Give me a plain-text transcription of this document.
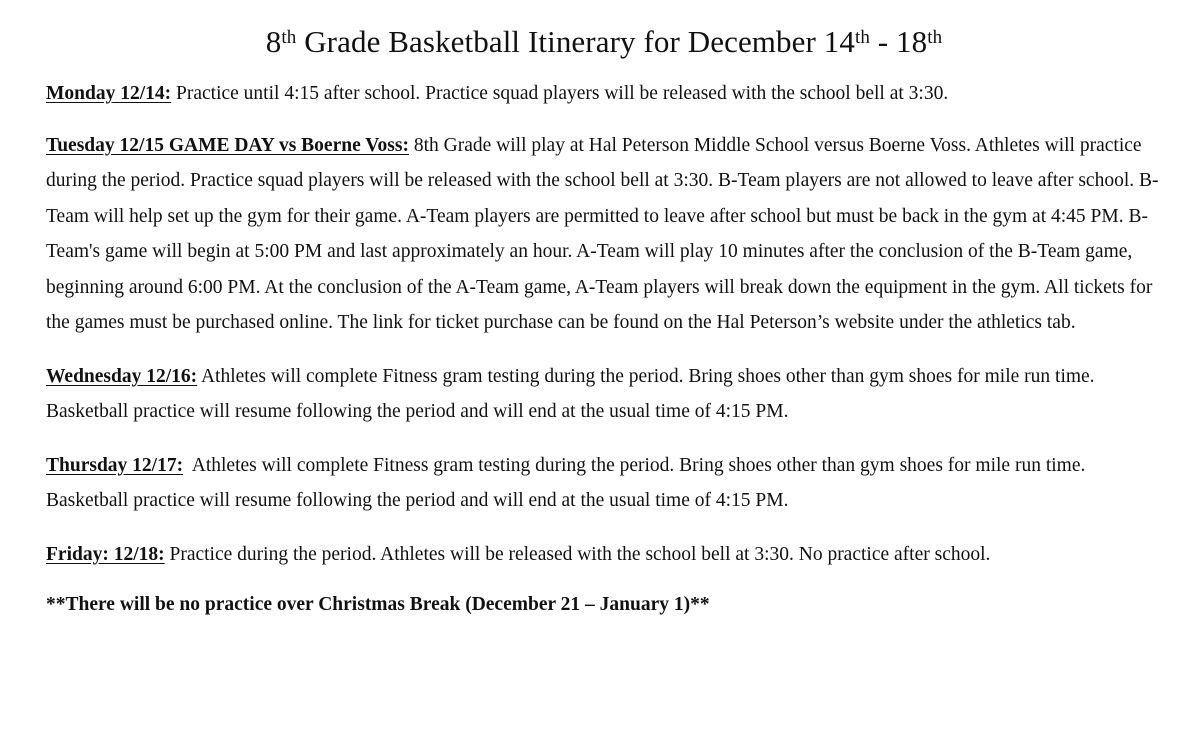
8th Grade Basketball Itinerary for December 14th - 18th

Monday 12/14: Practice until 4:15 after school. Practice squad players will be released with the school bell at 3:30.

Tuesday 12/15 GAME DAY vs Boerne Voss: 8th Grade will play at Hal Peterson Middle School versus Boerne Voss. Athletes will practice during the period. Practice squad players will be released with the school bell at 3:30. B-Team players are not allowed to leave after school. B-Team will help set up the gym for their game. A-Team players are permitted to leave after school but must be back in the gym at 4:45 PM. B-Team's game will begin at 5:00 PM and last approximately an hour. A-Team will play 10 minutes after the conclusion of the B-Team game, beginning around 6:00 PM. At the conclusion of the A-Team game, A-Team players will break down the equipment in the gym. All tickets for the games must be purchased online. The link for ticket purchase can be found on the Hal Peterson’s website under the athletics tab.

Wednesday 12/16: Athletes will complete Fitness gram testing during the period. Bring shoes other than gym shoes for mile run time. Basketball practice will resume following the period and will end at the usual time of 4:15 PM.

Thursday 12/17:  Athletes will complete Fitness gram testing during the period. Bring shoes other than gym shoes for mile run time. Basketball practice will resume following the period and will end at the usual time of 4:15 PM.

Friday: 12/18: Practice during the period. Athletes will be released with the school bell at 3:30. No practice after school.

**There will be no practice over Christmas Break (December 21 – January 1)**
